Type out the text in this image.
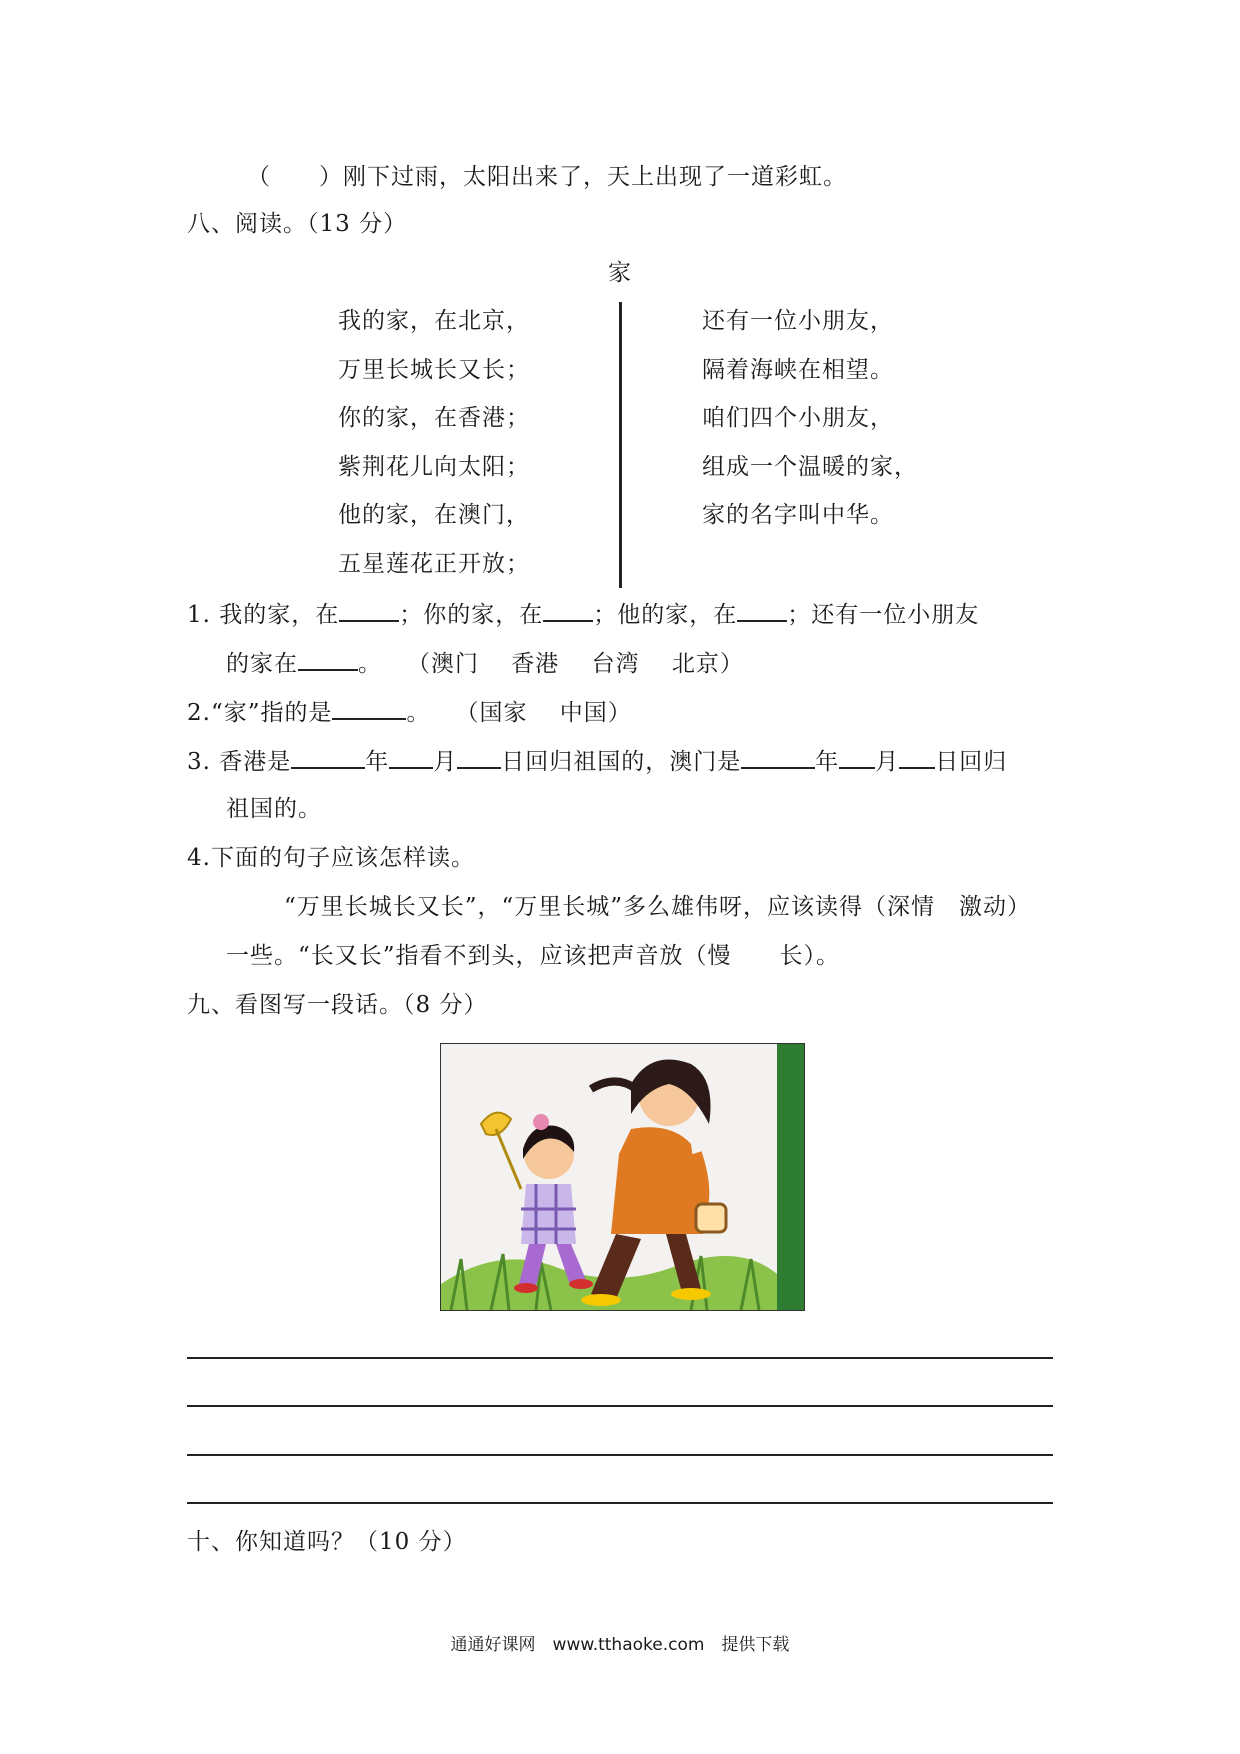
（　　）刚下过雨，太阳出来了，天上出现了一道彩虹。
八、阅读。（13 分）
家
我的家，在北京，
万里长城长又长；
你的家，在香港；
紫荆花儿向太阳；
他的家，在澳门，
五星莲花正开放；
还有一位小朋友，
隔着海峡在相望。
咱们四个小朋友，
组成一个温暖的家，
家的名字叫中华。
1. 我的家，在	；你的家，在 ；他的家，在 ；还有一位小朋友
的家在	。　　 （澳门　 香港　 台湾　 北京）
2.“家”指的是	。　　 （国家　 中国）
3. 香港是	年 月 日回归祖国的，澳门是	年 月 日回归
祖国的。
4.下面的句子应该怎样读。
“万里长城长又长”，“万里长城”多么雄伟呀，应该读得（深情　激动）
一些。“长又长”指看不到头，应该把声音放（慢　　长）。
九、看图写一段话。（8 分）
十、你知道吗？（10 分）
通通好课网　www.tthaoke.com　提供下载
